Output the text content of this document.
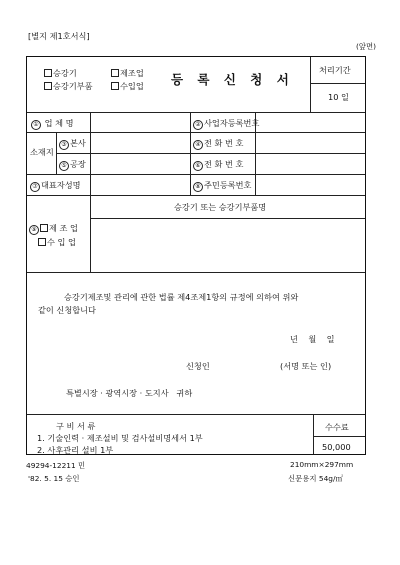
[별지 제1호서식]
(앞면)
승강기	제조업
승강기부품	수입업 등 록 신 청 서
처리기간
10 일
① 업 체 명	② 사업자등록번호
소재지
③ 본사	④ 전 화 번 호
⑤ 공장	⑥ 전 화 번 호
⑦ 대표자성명	⑧ 주민등록번호
승강기 또는 승강기부품명
⑨ 제 조 업
수 입 업
승강기제조및 관리에 관한 법률 제4조제1항의 규정에 의하여 위와
같이 신청합니다
년    월    일
신청인	(서명 또는 인)
특별시장 · 광역시장 · 도지사   귀하
구 비 서 류
1. 기술인력 · 제조설비 및 검사설비명세서 1부
2. 사후관리 설비 1부
수수료
50,000
49294-12211 민
'82. 5. 15 승인
210mm×297mm
신문용지 54g/㎡
